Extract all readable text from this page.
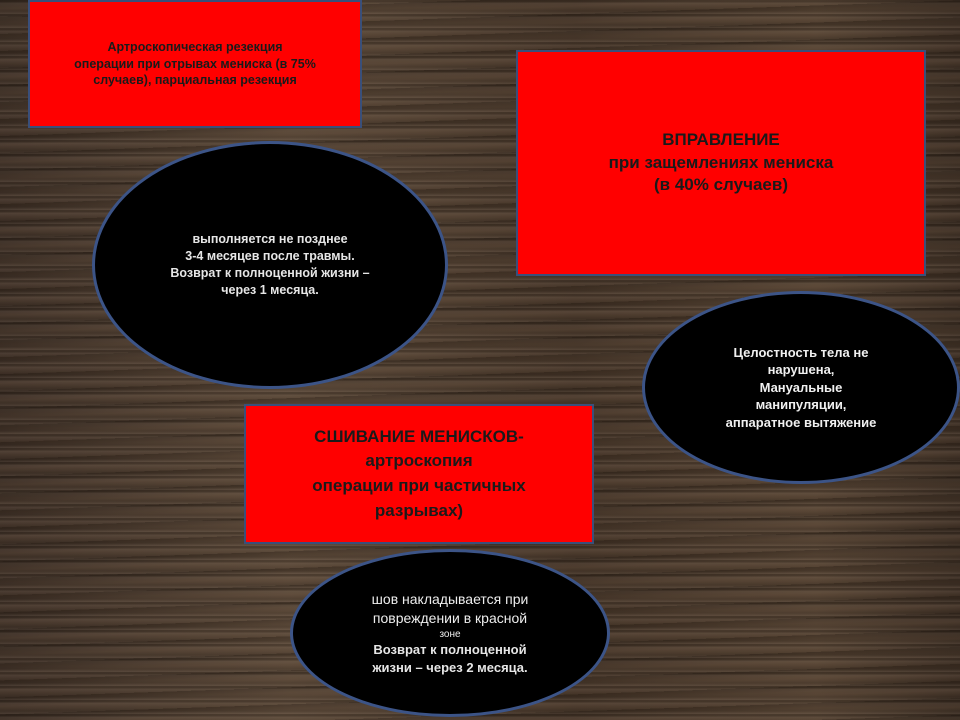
Артроскопическая резекция
операции при отрывах мениска (в 75%
случаев), парциальная резекция
выполняется не позднее
3-4 месяцев после травмы.
Возврат к полноценной жизни –
через 1 месяца.
ВПРАВЛЕНИЕ
при защемлениях мениска
(в 40% случаев)
Целостность тела не
нарушена,
Мануальные
манипуляции,
аппаратное вытяжение
СШИВАНИЕ МЕНИСКОВ-
артроскопия
операции при частичных
разрывах)
шов накладывается при
повреждении в красной
зоне
Возврат к полноценной
жизни – через 2 месяца.
